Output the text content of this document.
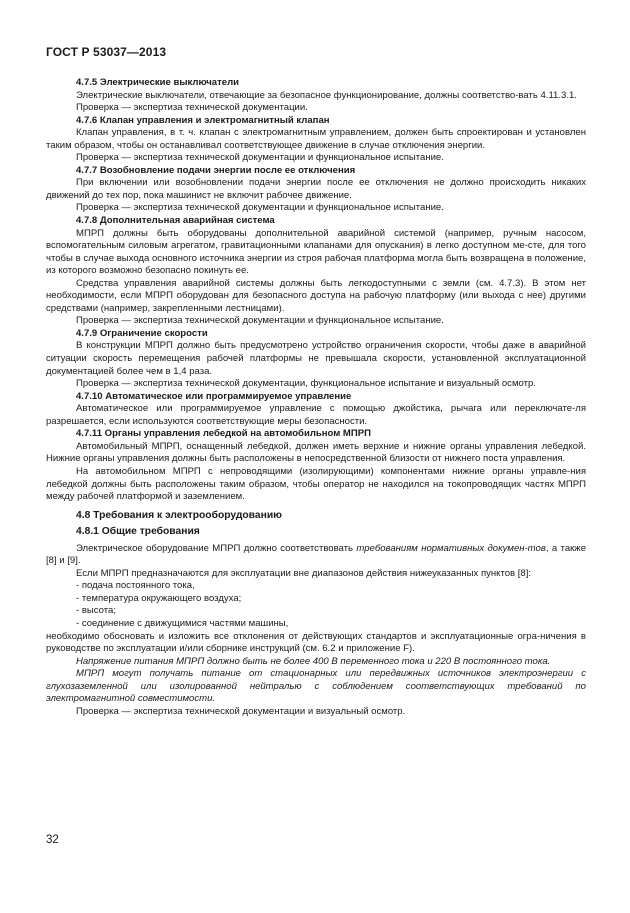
ГОСТ Р 53037—2013

4.7.5 Электрические выключатели

Электрические выключатели, отвечающие за безопасное функционирование, должны соответство-вать 4.11.3.1.

Проверка — экспертиза технической документации.

4.7.6 Клапан управления и электромагнитный клапан

Клапан управления, в т. ч. клапан с электромагнитным управлением, должен быть спроектирован и установлен таким образом, чтобы он останавливал соответствующее движение в случае отключения энергии.

Проверка — экспертиза технической документации и функциональное испытание.

4.7.7 Возобновление подачи энергии после ее отключения

При включении или возобновлении подачи энергии после ее отключения не должно происходить никаких движений до тех пор, пока машинист не включит рабочее движение.

Проверка — экспертиза технической документации и функциональное испытание.

4.7.8 Дополнительная аварийная система

МПРП должны быть оборудованы дополнительной аварийной системой (например, ручным насосом, вспомогательным силовым агрегатом, гравитационными клапанами для опускания) в легко доступном ме-сте, для того чтобы в случае выхода основного источника энергии из строя рабочая платформа могла быть возвращена в положение, из которого возможно безопасно покинуть ее.

Средства управления аварийной системы должны быть легкодоступными с земли (см. 4.7.3). В этом нет необходимости, если МПРП оборудован для безопасного доступа на рабочую платформу (или выхода с нее) другими средствами (например, закрепленными лестницами).

Проверка — экспертиза технической документации и функциональное испытание.

4.7.9 Ограничение скорости

В конструкции МПРП должно быть предусмотрено устройство ограничения скорости, чтобы даже в аварийной ситуации скорость перемещения рабочей платформы не превышала скорости, установленной эксплуатационной документацией более чем в 1,4 раза.

Проверка — экспертиза технической документации, функциональное испытание и визуальный осмотр.

4.7.10 Автоматическое или программируемое управление

Автоматическое или программируемое управление с помощью джойстика, рычага или переключате-ля разрешается, если используются соответствующие меры безопасности.

4.7.11 Органы управления лебедкой на автомобильном МПРП

Автомобильный МПРП, оснащенный лебедкой, должен иметь верхние и нижние органы управления лебедкой. Нижние органы управления должны быть расположены в непосредственной близости от нижнего поста управления.

На автомобильном МПРП с непроводящими (изолирующими) компонентами нижние органы управле-ния лебедкой должны быть расположены таким образом, чтобы оператор не находился на токопроводящих частях МПРП между рабочей платформой и заземлением.

4.8 Требования к электрооборудованию

4.8.1 Общие требования

Электрическое оборудование МПРП должно соответствовать требованиям нормативных докумен-тов, а также [8] и [9].

Если МПРП предназначаются для эксплуатации вне диапазонов действия нижеуказанных пунктов [8]:

- подача постоянного тока,

- температура окружающего воздуха;

- высота;

- соединение с движущимися частями машины,

необходимо обосновать и изложить все отклонения от действующих стандартов и эксплуатационные огра-ничения в руководстве по эксплуатации и/или сборнике инструкций (см. 6.2 и приложение F).

Напряжение питания МПРП должно быть не более 400 В переменного тока и 220 В постоянного тока.

МПРП могут получать питание от стационарных или передвижных источников электроэнергии с глухозаземленной или изолированной нейтралью с соблюдением соответствующих требований по электромагнитной совместимости.

Проверка — экспертиза технической документации и визуальный осмотр.

32
